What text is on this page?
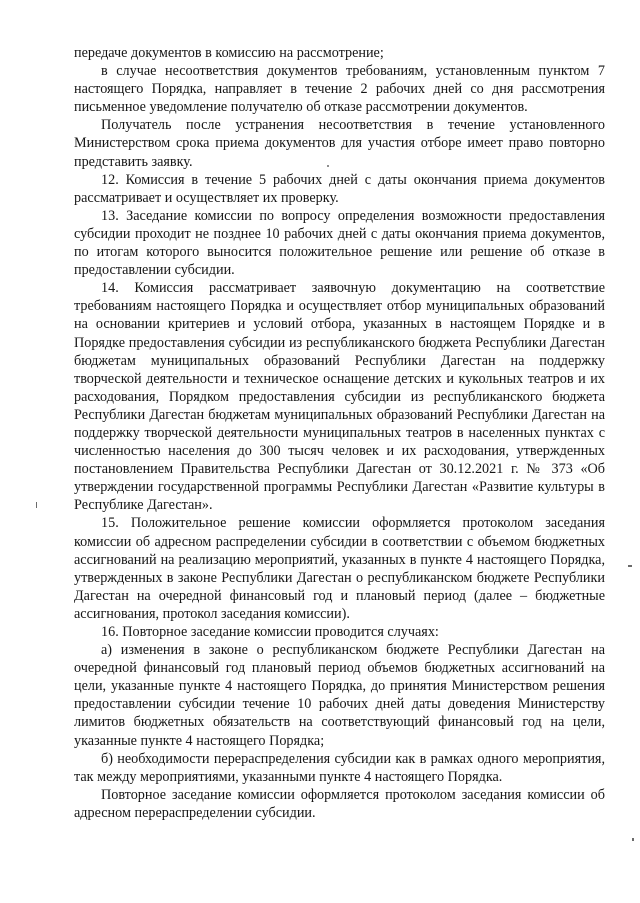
передаче документов в комиссию на рассмотрение;

в случае несоответствия документов требованиям, установленным пунктом 7 настоящего Порядка, направляет в течение 2 рабочих дней со дня рассмотрения письменное уведомление получателю об отказе рассмотрении документов.

Получатель после устранения несоответствия в течение установленного Министерством срока приема документов для участия отборе имеет право повторно представить заявку.

12. Комиссия в течение 5 рабочих дней с даты окончания приема документов рассматривает и осуществляет их проверку.

13. Заседание комиссии по вопросу определения возможности предоставления субсидии проходит не позднее 10 рабочих дней с даты окончания приема документов, по итогам которого выносится положительное решение или решение об отказе в предоставлении субсидии.

14. Комиссия рассматривает заявочную документацию на соответствие требованиям настоящего Порядка и осуществляет отбор муниципальных образований на основании критериев и условий отбора, указанных в настоящем Порядке и в Порядке предоставления субсидии из республиканского бюджета Республики Дагестан бюджетам муниципальных образований Республики Дагестан на поддержку творческой деятельности и техническое оснащение детских и кукольных театров и их расходования, Порядком предоставления субсидии из республиканского бюджета Республики Дагестан бюджетам муниципальных образований Республики Дагестан на поддержку творческой деятельности муниципальных театров в населенных пунктах с численностью населения до 300 тысяч человек и их расходования, утвержденных постановлением Правительства Республики Дагестан от 30.12.2021 г. № 373 «Об утверждении государственной программы Республики Дагестан «Развитие культуры в Республике Дагестан».

15. Положительное решение комиссии оформляется протоколом заседания комиссии об адресном распределении субсидии в соответствии с объемом бюджетных ассигнований на реализацию мероприятий, указанных в пункте 4 настоящего Порядка, утвержденных в законе Республики Дагестан о республиканском бюджете Республики Дагестан на очередной финансовый год и плановый период (далее – бюджетные ассигнования, протокол заседания комиссии).

16. Повторное заседание комиссии проводится случаях:

а) изменения в законе о республиканском бюджете Республики Дагестан на очередной финансовый год плановый период объемов бюджетных ассигнований на цели, указанные пункте 4 настоящего Порядка, до принятия Министерством решения предоставлении субсидии течение 10 рабочих дней даты доведения Министерству лимитов бюджетных обязательств на соответствующий финансовый год на цели, указанные пункте 4 настоящего Порядка;

б) необходимости перераспределения субсидии как в рамках одного мероприятия, так между мероприятиями, указанными пункте 4 настоящего Порядка.

Повторное заседание комиссии оформляется протоколом заседания комиссии об адресном перераспределении субсидии.
